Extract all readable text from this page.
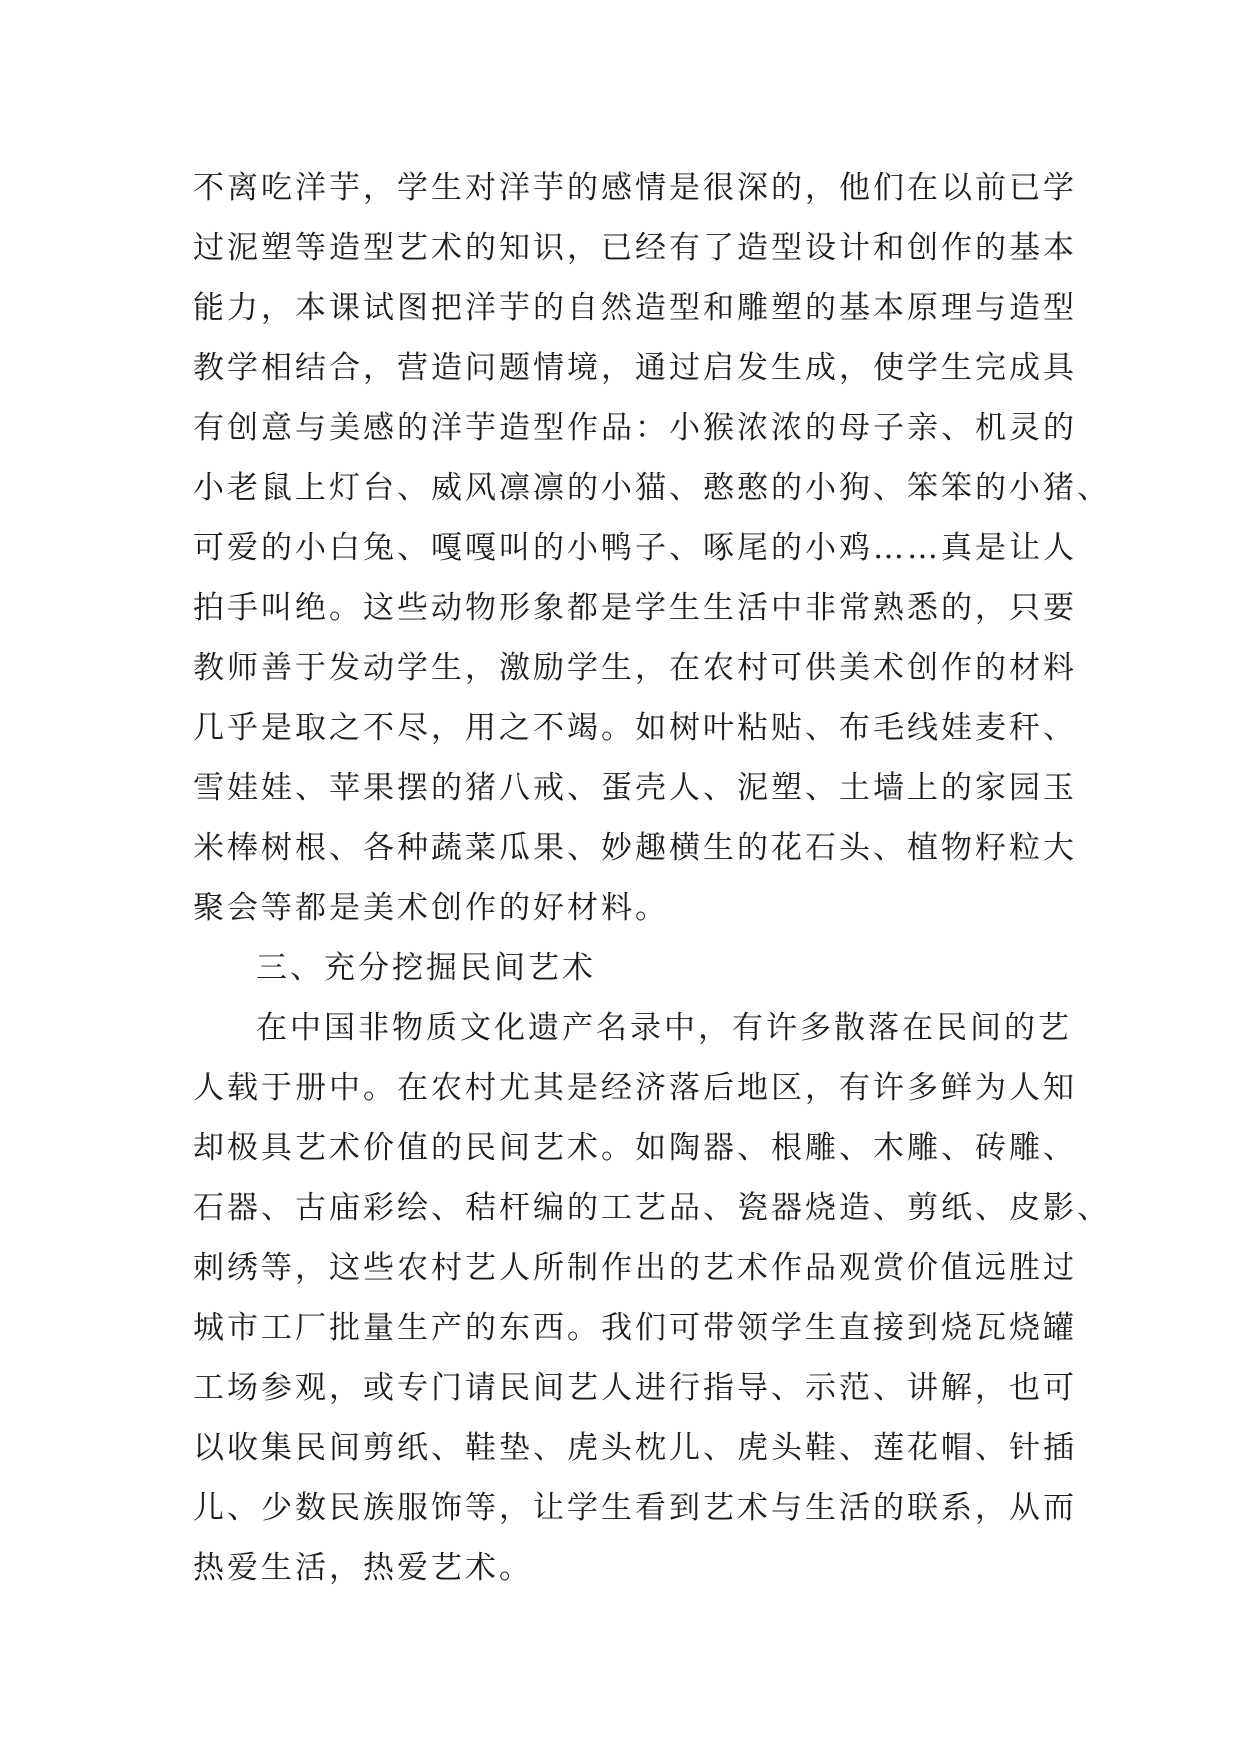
不离吃洋芋，学生对洋芋的感情是很深的，他们在以前已学
过泥塑等造型艺术的知识，已经有了造型设计和创作的基本
能力，本课试图把洋芋的自然造型和雕塑的基本原理与造型
教学相结合，营造问题情境，通过启发生成，使学生完成具
有创意与美感的洋芋造型作品：小猴浓浓的母子亲、机灵的
小老鼠上灯台、威风凛凛的小猫、憨憨的小狗、笨笨的小猪、
可爱的小白兔、嘎嘎叫的小鸭子、啄尾的小鸡……真是让人
拍手叫绝。这些动物形象都是学生生活中非常熟悉的，只要
教师善于发动学生，激励学生，在农村可供美术创作的材料
几乎是取之不尽，用之不竭。如树叶粘贴、布毛线娃麦秆、
雪娃娃、苹果摆的猪八戒、蛋壳人、泥塑、土墙上的家园玉
米棒树根、各种蔬菜瓜果、妙趣横生的花石头、植物籽粒大
聚会等都是美术创作的好材料。
三、充分挖掘民间艺术
在中国非物质文化遗产名录中，有许多散落在民间的艺
人载于册中。在农村尤其是经济落后地区，有许多鲜为人知
却极具艺术价值的民间艺术。如陶器、根雕、木雕、砖雕、
石器、古庙彩绘、秸杆编的工艺品、瓷器烧造、剪纸、皮影、
刺绣等，这些农村艺人所制作出的艺术作品观赏价值远胜过
城市工厂批量生产的东西。我们可带领学生直接到烧瓦烧罐
工场参观，或专门请民间艺人进行指导、示范、讲解，也可
以收集民间剪纸、鞋垫、虎头枕儿、虎头鞋、莲花帽、针插
儿、少数民族服饰等，让学生看到艺术与生活的联系，从而
热爱生活，热爱艺术。
